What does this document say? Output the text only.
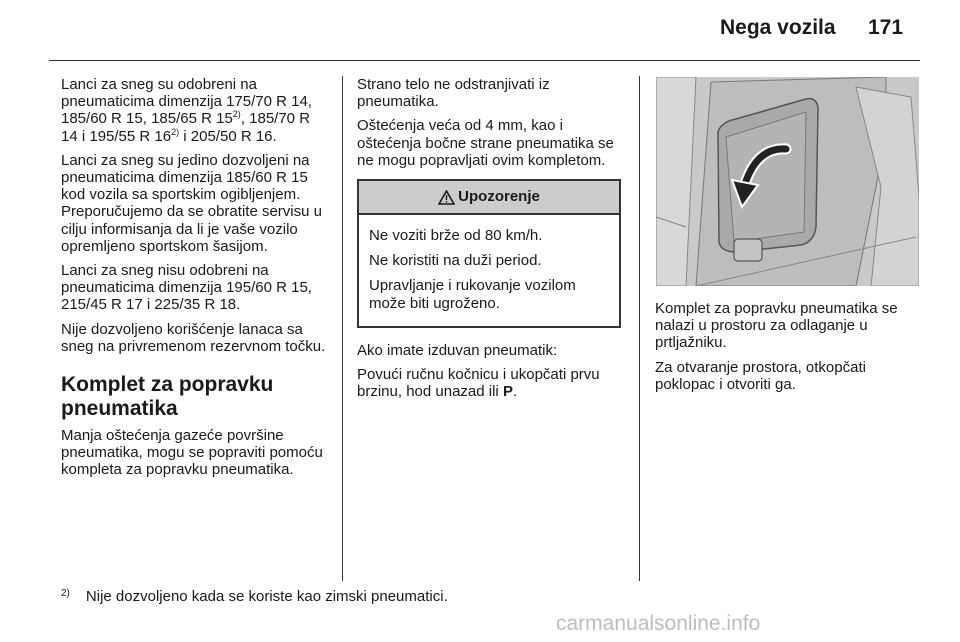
Nega vozila 171

Lanci za sneg su odobreni na pneumaticima dimenzija 175/70 R 14, 185/60 R 15, 185/65 R 15$^{2)}$, 185/70 R 14 i 195/55 R 16$^{2)}$ i 205/50 R 16.

Lanci za sneg su jedino dozvoljeni na pneumaticima dimenzija 185/60 R 15 kod vozila sa sportskim ogibljenjem. Preporučujemo da se obratite servisu u cilju informisanja da li je vaše vozilo opremljeno sportskom šasijom.

Lanci za sneg nisu odobreni na pneumaticima dimenzija 195/60 R 15, 215/45 R 17 i 225/35 R 18.

Nije dozvoljeno korišćenje lanaca sa sneg na privremenom rezervnom točku.

Komplet za popravku pneumatika

Manja oštećenja gazeće površine pneumatika, mogu se popraviti pomoću kompleta za popravku pneumatika.

Strano telo ne odstranjivati iz pneumatika.

Oštećenja veća od 4 mm, kao i oštećenja bočne strane pneumatika se ne mogu popravljati ovim kompletom.

Upozorenje

Ne voziti brže od 80 km/h.

Ne koristiti na duži period.

Upravljanje i rukovanje vozilom može biti ugroženo.

Ako imate izduvan pneumatik:

Povući ručnu kočnicu i ukopčati prvu brzinu, hod unazad ili P.

Komplet za popravku pneumatika se nalazi u prostoru za odlaganje u prtljažniku.

Za otvaranje prostora, otkopčati poklopac i otvoriti ga.

$^{2)}$ Nije dozvoljeno kada se koriste kao zimski pneumatici.
carmanualsonline.info
